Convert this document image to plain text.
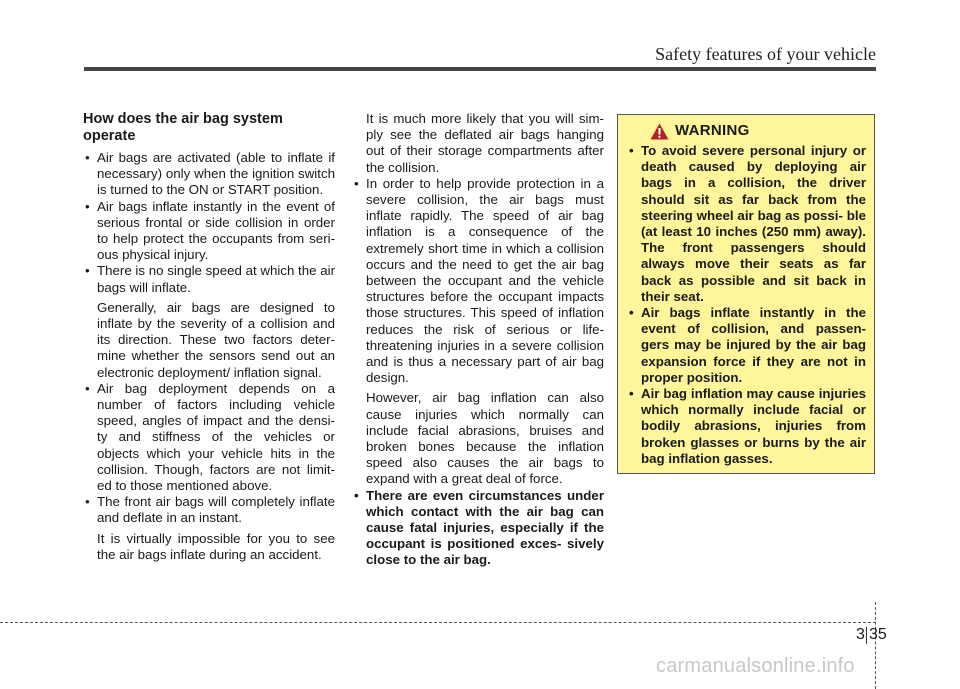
Safety features of your vehicle
How does the air bag system operate
• Air bags are activated (able to inflate if necessary) only when the ignition switch is turned to the ON or START position.
• Air bags inflate instantly in the event of serious frontal or side collision in order to help protect the occupants from seri- ous physical injury.
• There is no single speed at which the air bags will inflate.
Generally, air bags are designed to inflate by the severity of a collision and its direction. These two factors deter- mine whether the sensors send out an electronic deployment/ inflation signal.
• Air bag deployment depends on a number of factors including vehicle speed, angles of impact and the densi- ty and stiffness of the vehicles or objects which your vehicle hits in the collision. Though, factors are not limit- ed to those mentioned above.
• The front air bags will completely inflate and deflate in an instant.
It is virtually impossible for you to see the air bags inflate during an accident.
It is much more likely that you will sim- ply see the deflated air bags hanging out of their storage compartments after the collision.
• In order to help provide protection in a severe collision, the air bags must inflate rapidly. The speed of air bag inflation is a consequence of the extremely short time in which a collision occurs and the need to get the air bag between the occupant and the vehicle structures before the occupant impacts those structures. This speed of inflation reduces the risk of serious or life- threatening injuries in a severe collision and is thus a necessary part of air bag design.
However, air bag inflation can also cause injuries which normally can include facial abrasions, bruises and broken bones because the inflation speed also causes the air bags to expand with a great deal of force.
• There are even circumstances under which contact with the air bag can cause fatal injuries, especially if the occupant is positioned exces- sively close to the air bag.
WARNING
• To avoid severe personal injury or death caused by deploying air bags in a collision, the driver should sit as far back from the steering wheel air bag as possi- ble (at least 10 inches (250 mm) away). The front passengers should always move their seats as far back as possible and sit back in their seat.
• Air bags inflate instantly in the event of collision, and passen- gers may be injured by the air bag expansion force if they are not in proper position.
• Air bag inflation may cause injuries which normally include facial or bodily abrasions, injuries from broken glasses or burns by the air bag inflation gasses.
3 35
carmanualsonline.info
